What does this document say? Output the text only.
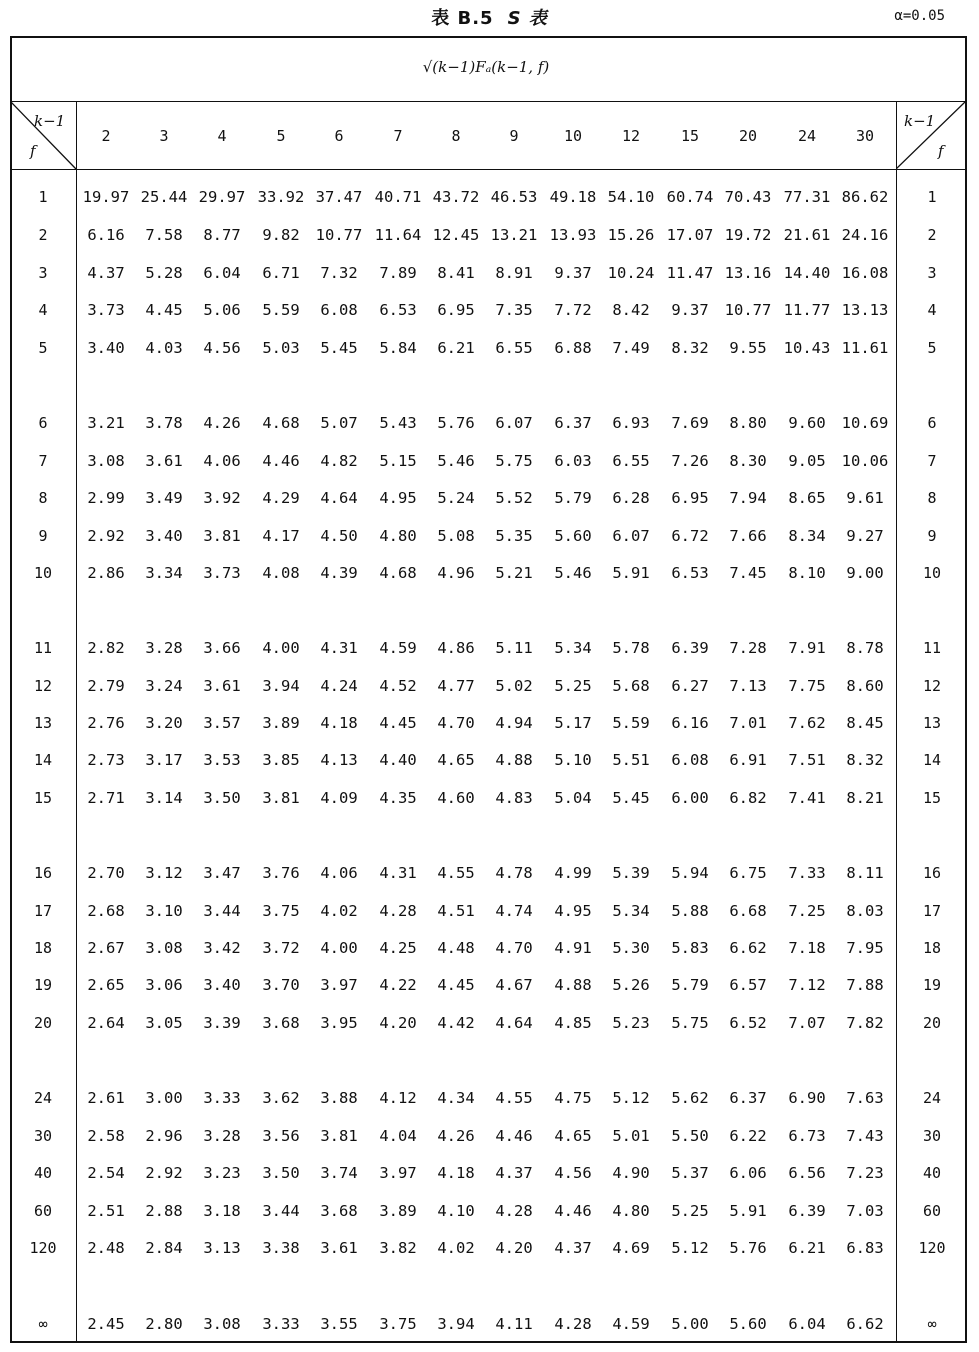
表 B.5 S 表	α=0.05
√(k−1)Fₐ(k−1, f)
k−1
f
k−1
f
2	3	4	5	6	7	8	9	10	12	15	20	24	30
1	19.97 25.44 29.97 33.92 37.47 40.71 43.72 46.53 49.18 54.10 60.74 70.43 77.31 86.62	1
2	6.16	7.58	8.77	9.82	10.77 11.64 12.45 13.21 13.93 15.26 17.07 19.72 21.61 24.16	2
3	4.37	5.28	6.04	6.71	7.32	7.89	8.41	8.91	9.37	10.24 11.47 13.16 14.40 16.08	3
4	3.73	4.45	5.06	5.59	6.08	6.53	6.95	7.35	7.72	8.42	9.37	10.77 11.77 13.13	4
5	3.40	4.03	4.56	5.03	5.45	5.84	6.21	6.55	6.88	7.49	8.32	9.55	10.43 11.61	5
6	3.21	3.78	4.26	4.68	5.07	5.43	5.76	6.07	6.37	6.93	7.69	8.80	9.60	10.69	6
7	3.08	3.61	4.06	4.46	4.82	5.15	5.46	5.75	6.03	6.55	7.26	8.30	9.05	10.06	7
8	2.99	3.49	3.92	4.29	4.64	4.95	5.24	5.52	5.79	6.28	6.95	7.94	8.65	9.61	8
9	2.92	3.40	3.81	4.17	4.50	4.80	5.08	5.35	5.60	6.07	6.72	7.66	8.34	9.27	9
10	2.86	3.34	3.73	4.08	4.39	4.68	4.96	5.21	5.46	5.91	6.53	7.45	8.10	9.00	10
11	2.82	3.28	3.66	4.00	4.31	4.59	4.86	5.11	5.34	5.78	6.39	7.28	7.91	8.78	11
12	2.79	3.24	3.61	3.94	4.24	4.52	4.77	5.02	5.25	5.68	6.27	7.13	7.75	8.60	12
13	2.76	3.20	3.57	3.89	4.18	4.45	4.70	4.94	5.17	5.59	6.16	7.01	7.62	8.45	13
14	2.73	3.17	3.53	3.85	4.13	4.40	4.65	4.88	5.10	5.51	6.08	6.91	7.51	8.32	14
15	2.71	3.14	3.50	3.81	4.09	4.35	4.60	4.83	5.04	5.45	6.00	6.82	7.41	8.21	15
16	2.70	3.12	3.47	3.76	4.06	4.31	4.55	4.78	4.99	5.39	5.94	6.75	7.33	8.11	16
17	2.68	3.10	3.44	3.75	4.02	4.28	4.51	4.74	4.95	5.34	5.88	6.68	7.25	8.03	17
18	2.67	3.08	3.42	3.72	4.00	4.25	4.48	4.70	4.91	5.30	5.83	6.62	7.18	7.95	18
19	2.65	3.06	3.40	3.70	3.97	4.22	4.45	4.67	4.88	5.26	5.79	6.57	7.12	7.88	19
20	2.64	3.05	3.39	3.68	3.95	4.20	4.42	4.64	4.85	5.23	5.75	6.52	7.07	7.82	20
24	2.61	3.00	3.33	3.62	3.88	4.12	4.34	4.55	4.75	5.12	5.62	6.37	6.90	7.63	24
30	2.58	2.96	3.28	3.56	3.81	4.04	4.26	4.46	4.65	5.01	5.50	6.22	6.73	7.43	30
40	2.54	2.92	3.23	3.50	3.74	3.97	4.18	4.37	4.56	4.90	5.37	6.06	6.56	7.23	40
60	2.51	2.88	3.18	3.44	3.68	3.89	4.10	4.28	4.46	4.80	5.25	5.91	6.39	7.03	60
120	2.48	2.84	3.13	3.38	3.61	3.82	4.02	4.20	4.37	4.69	5.12	5.76	6.21	6.83	120
∞	2.45	2.80	3.08	3.33	3.55	3.75	3.94	4.11	4.28	4.59	5.00	5.60	6.04	6.62	∞
